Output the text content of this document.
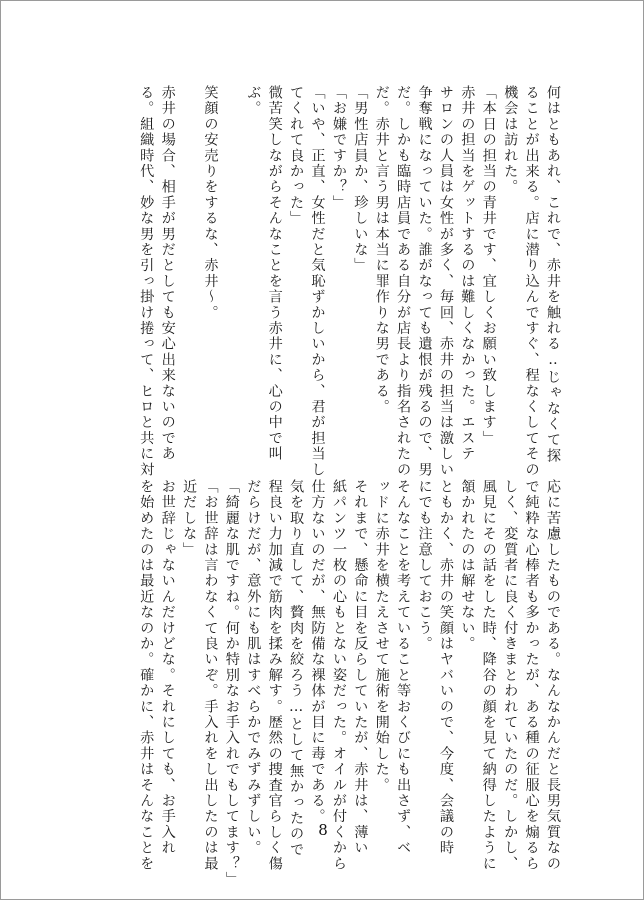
何はともあれ、これで、赤井を触れる‥じゃなくて探
ることが出来る。店に潜り込んですぐ、程なくしてその
機会は訪れた。
「本日の担当の青井です、宜しくお願い致します」
赤井の担当をゲットするのは難しくなかった。エステ
サロンの人員は女性が多く、毎回、赤井の担当は激しい
争奪戦になっていた。誰がなっても遺恨が残るので、男
だ。しかも臨時店員である自分が店長より指名されたの
だ。赤井と言う男は本当に罪作りな男である。
「男性店員か、珍しいな」
「お嫌ですか？」
「いや、正直、女性だと気恥ずかしいから、君が担当し
てくれて良かった」
微苦笑しながらそんなことを言う赤井に、心の中で叫
ぶ。
笑顔の安売りをするな、赤井～。
赤井の場合、相手が男だとしても安心出来ないのであ
る。組織時代、妙な男を引っ掛け捲って、ヒロと共に対
応に苦慮したものである。なんなかんだと長男気質なの
で純粋な心棒者も多かったが、ある種の征服心を煽るら
しく、変質者に良く付きまとわれていたのだ。しかし、
風見にその話をした時、降谷の顔を見て納得したように
頷かれたのは解せない。
ともかく、赤井の笑顔はヤバいので、今度、会議の時
にでも注意しておこう。
そんなことを考えていること等おくびにも出さず、ベ
ッドに赤井を横たえさせて施術を開始した。
それまで、懸命に目を反らしていたが、赤井は、薄い
紙パンツ一枚の心もとない姿だった。オイルが付くから
仕方ないのだが、無防備な裸体が目に毒である。
気を取り直して、贅肉を絞ろう…として無かったので
程良い力加減で筋肉を揉み解す。歴然の捜査官らしく傷
だらけだが、意外にも肌はすべらかでみずみずしい。
「綺麗な肌ですね。何か特別なお手入れでもしてます？」
「お世辞は言わなくて良いぞ。手入れをし出したのは最
近だしな」
お世辞じゃないんだけどな。それにしても、お手入れ
を始めたのは最近なのか。確かに、赤井はそんなことを	8
